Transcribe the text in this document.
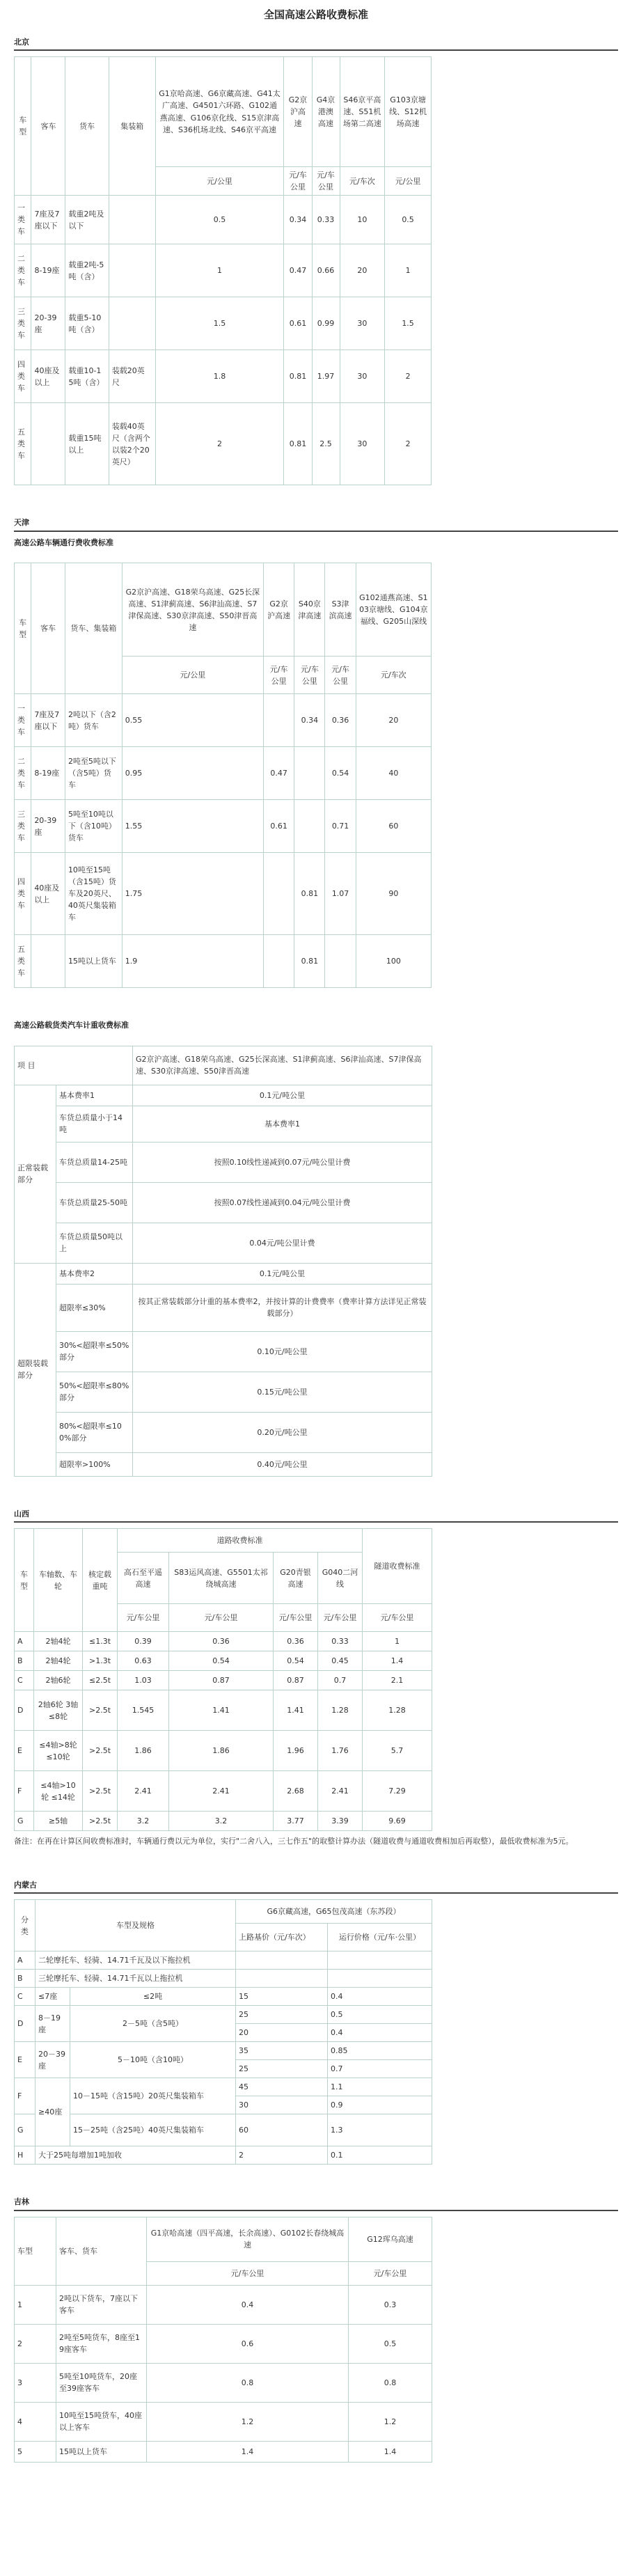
全国高速公路收费标准
北京
车型	客车	货车	集装箱	G1京哈高速、G6京藏高速、G41太广高速、G4501六环路、G102通燕高速、G106京化线、S15京津高速、S36机场北线、S46京平高速	G2京沪高速	G4京港澳高速	S46京平高速、S51机场第二高速	G103京塘线、S12机场高速
				元/公里	元/车公里	元/车公里	元/车次	元/公里
一类车	7座及7座以下	载重2吨及以下		0.5	0.34	0.33	10	0.5
二类车	8-19座	载重2吨-5吨（含）		1	0.47	0.66	20	1
三类车	20-39座	载重5-10吨（含）		1.5	0.61	0.99	30	1.5
四类车	40座及以上	载重10-15吨（含）	装载20英尺	1.8	0.81	1.97	30	2
五类车		载重15吨以上	装载40英尺（含两个以装2个20英尺）	2	0.81	2.5	30	2
天津
高速公路车辆通行费收费标准
车型	客车	货车、集装箱	G2京沪高速、G18荣乌高速、G25长深高速、S1津蓟高速、S6津汕高速、S7津保高速、S30京津高速、S50津晋高速	G2京沪高速	S40京津高速	S3津滨高速	G102通燕高速、S103京塘线、G104京福线、G205山深线
			元/公里	元/车公里	元/车公里	元/车公里	元/车次
一类车	7座及7座以下	2吨以下（含2吨）货车	0.55		0.34	0.36	20
二类车	8-19座	2吨至5吨以下（含5吨）货车	0.95	0.47		0.54	40
三类车	20-39座	5吨至10吨以下（含10吨）货车	1.55	0.61		0.71	60
四类车	40座及以上	10吨至15吨（含15吨）货车及20英尺、40英尺集装箱车	1.75		0.81	1.07	90
五类车		15吨以上货车	1.9		0.81		100
高速公路载货类汽车计重收费标准
项 目		G2京沪高速、G18荣乌高速、G25长深高速、S1津蓟高速、S6津汕高速、S7津保高速、S30京津高速、S50津晋高速
正常装载部分	基本费率1	0.1元/吨公里
	车货总质量小于14吨	基本费率1
	车货总质量14-25吨	按照0.10线性递减到0.07元/吨公里计费
	车货总质量25-50吨	按照0.07线性递减到0.04元/吨公里计费
	车货总质量50吨以上	0.04元/吨公里计费
超限装载部分	基本费率2	0.1元/吨公里
	超限率≤30%	按其正常装载部分计重的基本费率2，并按计算的计费费率（费率计算方法详见正常装载部分）
	30%<超限率≤50%部分	0.10元/吨公里
	50%<超限率≤80%部分	0.15元/吨公里
	80%<超限率≤100%部分	0.20元/吨公里
	超限率>100%	0.40元/吨公里
山西
车型	车轴数、车轮	核定载重吨	道路收费标准				隧道收费标准
			高石至平遥高速	S83运风高速、G5501太祁绕城高速	G20青银高速	G040二河线	
			元/车公里	元/车公里	元/车公里	元/车公里	元/车公里
A	2轴4轮	≤1.3t	0.39	0.36	0.36	0.33	1
B	2轴4轮	>1.3t	0.63	0.54	0.54	0.45	1.4
C	2轴6轮	≤2.5t	1.03	0.87	0.87	0.7	2.1
D	2轴6轮 3轴≤8轮	>2.5t	1.545	1.41	1.41	1.28	1.28
E	≤4轴>8轮 ≤10轮	>2.5t	1.86	1.86	1.96	1.76	5.7
F	≤4轴>10轮 ≤14轮	>2.5t	2.41	2.41	2.68	2.41	7.29
G	≥5轴	>2.5t	3.2	3.2	3.77	3.39	9.69
备注：在再在计算区间收费标准时，车辆通行费以元为单位，实行"二舍八入，三七作五"的取整计算办法（隧道收费与通道收费相加后再取整），最低收费标准为5元。
内蒙古
分类	车型及规格		G6京藏高速，G65包茂高速（东苏段）	
			上路基价（元/车次）	运行价格（元/车·公里）
A	二轮摩托车、轻骑、14.71千瓦及以下拖拉机			
B	三轮摩托车、轻骑、14.71千瓦以上拖拉机			
C	≤7座	≤2吨	15	0.4
D	8－19座	2－5吨（含5吨）	25	0.5
			20	0.4
E	20－39座	5－10吨（含10吨）	35	0.85
			25	0.7
F	≥40座	10－15吨（含15吨）20英尺集装箱车	45	1.1
			30	0.9
G		15－25吨（含25吨）40英尺集装箱车	60	1.3
H	大于25吨每增加1吨加收		2	0.1
吉林
车型	客车、货车	G1京哈高速（四平高速，长余高速）、G0102长春绕城高速	G12珲乌高速
		元/车公里	元/车公里
1	2吨以下货车，7座以下客车	0.4	0.3
2	2吨至5吨货车，8座至19座客车	0.6	0.5
3	5吨至10吨货车，20座至39座客车	0.8	0.8
4	10吨至15吨货车，40座以上客车	1.2	1.2
5	15吨以上货车	1.4	1.4
